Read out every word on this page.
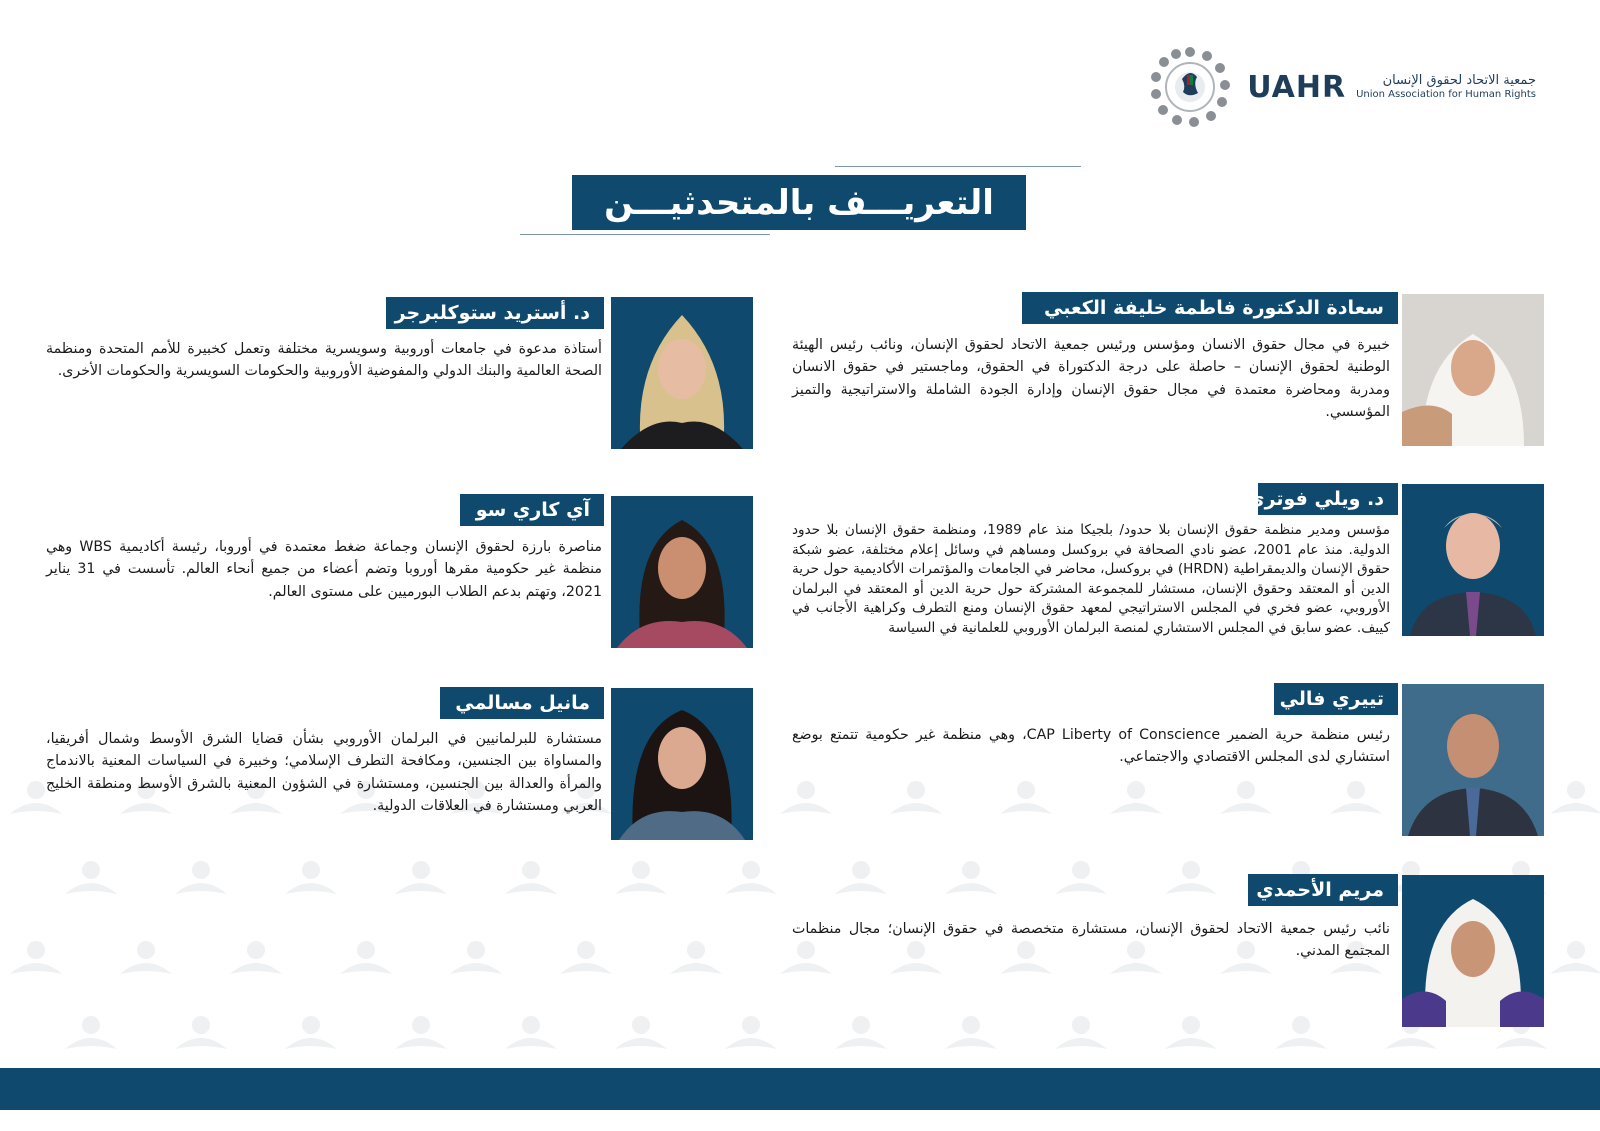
UAHR	جمعية الاتحاد لحقوق الإنسان
Union Association for Human Rights
التعريـــف بالمتحدثيـــن
سعادة الدكتورة فاطمة خليفة الكعبي
خبيرة في مجال حقوق الانسان ومؤسس ورئيس جمعية الاتحاد لحقوق الإنسان، ونائب رئيس الهيئة الوطنية لحقوق الإنسان – حاصلة على درجة الدكتوراة في الحقوق، وماجستير في حقوق الانسان ومدربة ومحاضرة معتمدة في مجال حقوق الإنسان وإدارة الجودة الشاملة والاستراتيجية والتميز المؤسسي.
د. أستريد ستوكلبرجر
أستاذة مدعوة في جامعات أوروبية وسويسرية مختلفة وتعمل كخبيرة للأمم المتحدة ومنظمة الصحة العالمية والبنك الدولي والمفوضية الأوروبية والحكومات السويسرية والحكومات الأخرى.
د. ويلي فوتري
مؤسس ومدير منظمة حقوق الإنسان بلا حدود/ بلجيكا منذ عام 1989، ومنظمة حقوق الإنسان بلا حدود الدولية. منذ عام 2001، عضو نادي الصحافة في بروكسل ومساهم في وسائل إعلام مختلفة، عضو شبكة حقوق الإنسان والديمقراطية (HRDN) في بروكسل، محاضر في الجامعات والمؤتمرات الأكاديمية حول حرية الدين أو المعتقد وحقوق الإنسان، مستشار للمجموعة المشتركة حول حرية الدين أو المعتقد في البرلمان الأوروبي، عضو فخري في المجلس الاستراتيجي لمعهد حقوق الإنسان ومنع التطرف وكراهية الأجانب في كييف. عضو سابق في المجلس الاستشاري لمنصة البرلمان الأوروبي للعلمانية في السياسة
آي كاري سو
مناصرة بارزة لحقوق الإنسان وجماعة ضغط معتمدة في أوروبا، رئيسة أكاديمية WBS وهي منظمة غير حكومية مقرها أوروبا وتضم أعضاء من جميع أنحاء العالم. تأسست في 31 يناير 2021، وتهتم بدعم الطلاب البورميين على مستوى العالم.
تييري فالي
رئيس منظمة حرية الضمير CAP Liberty of Conscience، وهي منظمة غير حكومية تتمتع بوضع استشاري لدى المجلس الاقتصادي والاجتماعي.
مانيل مسالمي
مستشارة للبرلمانيين في البرلمان الأوروبي بشأن قضايا الشرق الأوسط وشمال أفريقيا، والمساواة بين الجنسين، ومكافحة التطرف الإسلامي؛ وخبيرة في السياسات المعنية بالاندماج والمرأة والعدالة بين الجنسين، ومستشارة في الشؤون المعنية بالشرق الأوسط ومنطقة الخليج العربي ومستشارة في العلاقات الدولية.
مريم الأحمدي
نائب رئيس جمعية الاتحاد لحقوق الإنسان، مستشارة متخصصة في حقوق الإنسان؛ مجال منظمات المجتمع المدني.
